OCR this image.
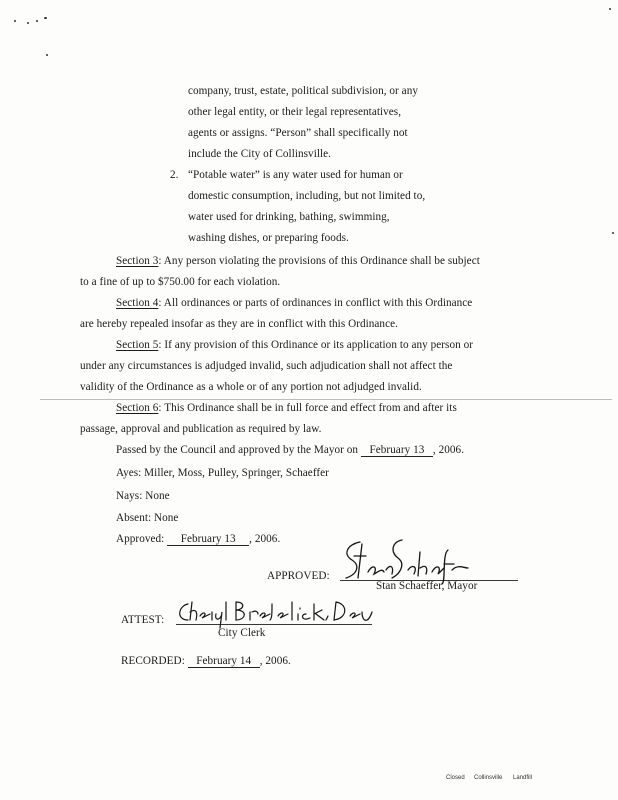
company, trust, estate, political subdivision, or any
other legal entity, or their legal representatives,
agents or assigns. “Person” shall specifically not
include the City of Collinsville.
2. “Potable water” is any water used for human or
domestic consumption, including, but not limited to,
water used for drinking, bathing, swimming,
washing dishes, or preparing foods.
Section 3: Any person violating the provisions of this Ordinance shall be subject
to a fine of up to $750.00 for each violation.
Section 4: All ordinances or parts of ordinances in conflict with this Ordinance
are hereby repealed insofar as they are in conflict with this Ordinance.
Section 5: If any provision of this Ordinance or its application to any person or
under any circumstances is adjudged invalid, such adjudication shall not affect the
validity of the Ordinance as a whole or of any portion not adjudged invalid.
Section 6: This Ordinance shall be in full force and effect from and after its
passage, approval and publication as required by law.
Passed by the Council and approved by the Mayor on February 13 , 2006.
Ayes: Miller, Moss, Pulley, Springer, Schaeffer
Nays: None
Absent: None
Approved: February 13 , 2006.
APPROVED:
Stan Schaeffer, Mayor
ATTEST:
City Clerk
RECORDED: February 14 , 2006.
Closed Collinsville Landfill
